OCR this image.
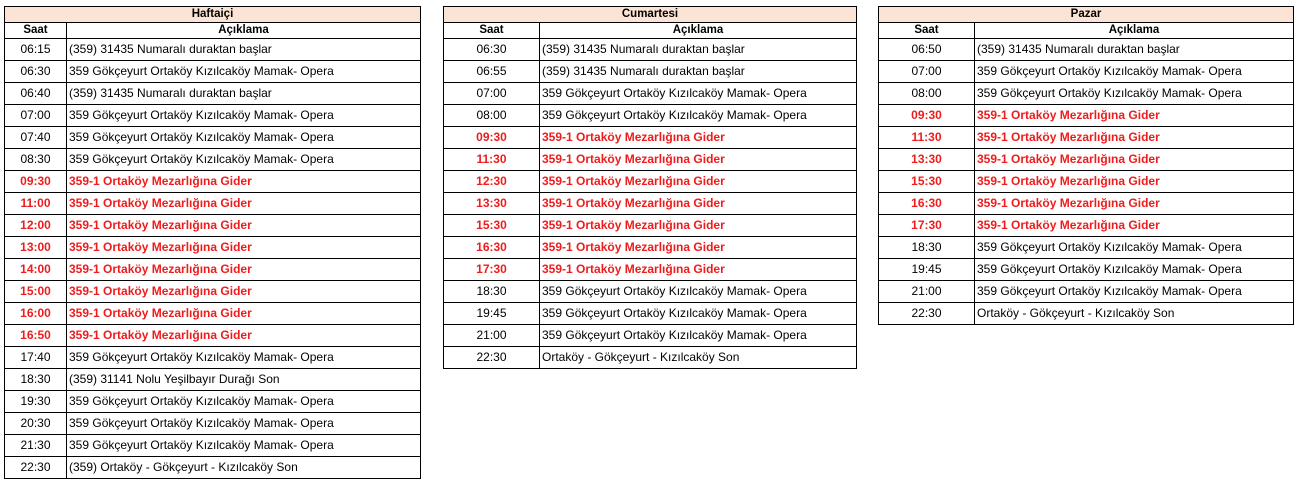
Haftaiçi	
Saat	Açıklama
06:15	(359) 31435 Numaralı duraktan başlar
06:30	359 Gökçeyurt Ortaköy Kızılcaköy Mamak- Opera
06:40	(359) 31435 Numaralı duraktan başlar
07:00	359 Gökçeyurt Ortaköy Kızılcaköy Mamak- Opera
07:40	359 Gökçeyurt Ortaköy Kızılcaköy Mamak- Opera
08:30	359 Gökçeyurt Ortaköy Kızılcaköy Mamak- Opera
09:30	359-1 Ortaköy Mezarlığına Gider
11:00	359-1 Ortaköy Mezarlığına Gider
12:00	359-1 Ortaköy Mezarlığına Gider
13:00	359-1 Ortaköy Mezarlığına Gider
14:00	359-1 Ortaköy Mezarlığına Gider
15:00	359-1 Ortaköy Mezarlığına Gider
16:00	359-1 Ortaköy Mezarlığına Gider
16:50	359-1 Ortaköy Mezarlığına Gider
17:40	359 Gökçeyurt Ortaköy Kızılcaköy Mamak- Opera
18:30	(359) 31141 Nolu Yeşilbayır Durağı Son
19:30	359 Gökçeyurt Ortaköy Kızılcaköy Mamak- Opera
20:30	359 Gökçeyurt Ortaköy Kızılcaköy Mamak- Opera
21:30	359 Gökçeyurt Ortaköy Kızılcaköy Mamak- Opera
22:30	(359) Ortaköy - Gökçeyurt - Kızılcaköy Son
Cumartesi	
Saat	Açıklama
06:30	(359) 31435 Numaralı duraktan başlar
06:55	(359) 31435 Numaralı duraktan başlar
07:00	359 Gökçeyurt Ortaköy Kızılcaköy Mamak- Opera
08:00	359 Gökçeyurt Ortaköy Kızılcaköy Mamak- Opera
09:30	359-1 Ortaköy Mezarlığına Gider
11:30	359-1 Ortaköy Mezarlığına Gider
12:30	359-1 Ortaköy Mezarlığına Gider
13:30	359-1 Ortaköy Mezarlığına Gider
15:30	359-1 Ortaköy Mezarlığına Gider
16:30	359-1 Ortaköy Mezarlığına Gider
17:30	359-1 Ortaköy Mezarlığına Gider
18:30	359 Gökçeyurt Ortaköy Kızılcaköy Mamak- Opera
19:45	359 Gökçeyurt Ortaköy Kızılcaköy Mamak- Opera
21:00	359 Gökçeyurt Ortaköy Kızılcaköy Mamak- Opera
22:30	Ortaköy - Gökçeyurt - Kızılcaköy Son
Pazar	
Saat	Açıklama
06:50	(359) 31435 Numaralı duraktan başlar
07:00	359 Gökçeyurt Ortaköy Kızılcaköy Mamak- Opera
08:00	359 Gökçeyurt Ortaköy Kızılcaköy Mamak- Opera
09:30	359-1 Ortaköy Mezarlığına Gider
11:30	359-1 Ortaköy Mezarlığına Gider
13:30	359-1 Ortaköy Mezarlığına Gider
15:30	359-1 Ortaköy Mezarlığına Gider
16:30	359-1 Ortaköy Mezarlığına Gider
17:30	359-1 Ortaköy Mezarlığına Gider
18:30	359 Gökçeyurt Ortaköy Kızılcaköy Mamak- Opera
19:45	359 Gökçeyurt Ortaköy Kızılcaköy Mamak- Opera
21:00	359 Gökçeyurt Ortaköy Kızılcaköy Mamak- Opera
22:30	Ortaköy - Gökçeyurt - Kızılcaköy Son
